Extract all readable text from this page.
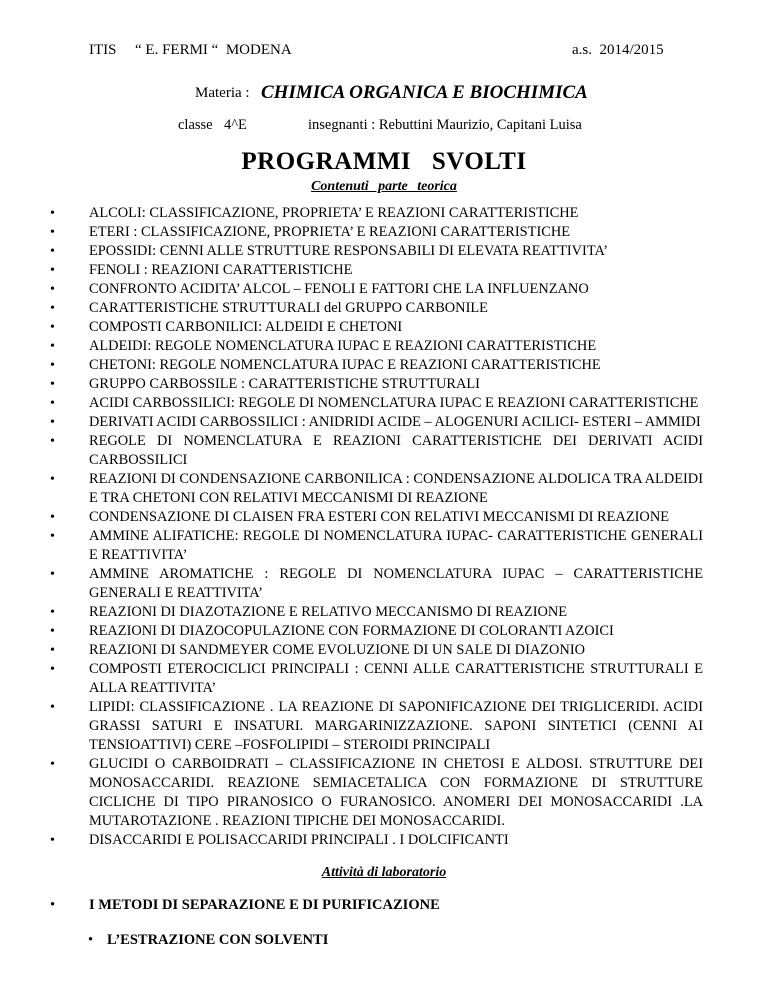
ITIS “ E. FERMI “  MODENA	a.s.  2014/2015
Materia : CHIMICA ORGANICA E BIOCHIMICA
classe 4^E	insegnanti : Rebuttini Maurizio, Capitani Luisa
PROGRAMMI SVOLTI
Contenuti parte teorica
• ALCOLI: CLASSIFICAZIONE, PROPRIETA’ E REAZIONI CARATTERISTICHE
• ETERI : CLASSIFICAZIONE, PROPRIETA’ E REAZIONI CARATTERISTICHE
• EPOSSIDI: CENNI ALLE STRUTTURE RESPONSABILI DI ELEVATA REATTIVITA’
• FENOLI : REAZIONI CARATTERISTICHE
• CONFRONTO ACIDITA’ ALCOL – FENOLI E FATTORI CHE LA INFLUENZANO
• CARATTERISTICHE STRUTTURALI del GRUPPO CARBONILE
• COMPOSTI CARBONILICI: ALDEIDI E CHETONI
• ALDEIDI: REGOLE NOMENCLATURA IUPAC E REAZIONI CARATTERISTICHE
• CHETONI: REGOLE NOMENCLATURA IUPAC E REAZIONI CARATTERISTICHE
• GRUPPO CARBOSSILE : CARATTERISTICHE STRUTTURALI
• ACIDI CARBOSSILICI: REGOLE DI NOMENCLATURA IUPAC E REAZIONI CARATTERISTICHE
• DERIVATI ACIDI CARBOSSILICI : ANIDRIDI ACIDE – ALOGENURI ACILICI- ESTERI – AMMIDI
• REGOLE DI NOMENCLATURA E REAZIONI CARATTERISTICHE DEI DERIVATI ACIDI CARBOSSILICI
• REAZIONI DI CONDENSAZIONE CARBONILICA : CONDENSAZIONE ALDOLICA TRA ALDEIDI E TRA CHETONI CON RELATIVI MECCANISMI DI REAZIONE
• CONDENSAZIONE DI CLAISEN FRA ESTERI CON RELATIVI MECCANISMI DI REAZIONE
• AMMINE ALIFATICHE: REGOLE DI NOMENCLATURA IUPAC- CARATTERISTICHE GENERALI E REATTIVITA’
• AMMINE AROMATICHE : REGOLE DI NOMENCLATURA IUPAC – CARATTERISTICHE GENERALI E REATTIVITA’
• REAZIONI DI DIAZOTAZIONE E RELATIVO MECCANISMO DI REAZIONE
• REAZIONI DI DIAZOCOPULAZIONE CON FORMAZIONE DI COLORANTI AZOICI
• REAZIONI DI SANDMEYER COME EVOLUZIONE DI UN SALE DI DIAZONIO
• COMPOSTI ETEROCICLICI PRINCIPALI : CENNI ALLE CARATTERISTICHE STRUTTURALI E ALLA REATTIVITA’
• LIPIDI: CLASSIFICAZIONE . LA REAZIONE DI SAPONIFICAZIONE DEI TRIGLICERIDI. ACIDI GRASSI SATURI E INSATURI. MARGARINIZZAZIONE. SAPONI SINTETICI (CENNI AI TENSIOATTIVI) CERE –FOSFOLIPIDI – STEROIDI PRINCIPALI
• GLUCIDI O CARBOIDRATI – CLASSIFICAZIONE IN CHETOSI E ALDOSI. STRUTTURE DEI MONOSACCARIDI. REAZIONE SEMIACETALICA CON FORMAZIONE DI STRUTTURE CICLICHE DI TIPO PIRANOSICO O FURANOSICO. ANOMERI DEI MONOSACCARIDI .LA MUTAROTAZIONE . REAZIONI TIPICHE DEI MONOSACCARIDI.
• DISACCARIDI E POLISACCARIDI PRINCIPALI . I DOLCIFICANTI
Attività di laboratorio
• I METODI DI SEPARAZIONE E DI PURIFICAZIONE
• L’ESTRAZIONE CON SOLVENTI
